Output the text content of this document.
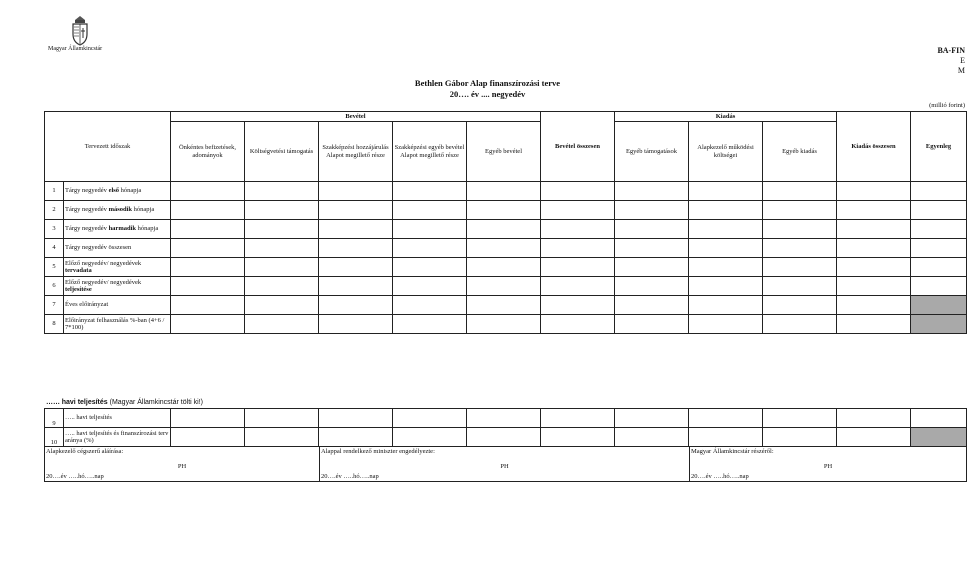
Magyar Államkincstár	BA-FIN
E
M
Bethlen Gábor Alap finanszírozási terve
20…. év .... negyedév
(millió forint)
Tervezett időszak		Bevétel					Bevétel összesen	Kiadás			Kiadás összesen	Egyenleg
		Önkéntes befizetések, adományok	Költségvetési támogatás	Szakképzési hozzájárulás Alapot megillető része	Szakképzési egyéb bevétel Alapot megillető része	Egyéb bevétel		Egyéb támogatások	Alapkezelő működési költségei	Egyéb kiadás		
1	Tárgy negyedév első hónapja											
2	Tárgy negyedév második hónapja											
3	Tárgy negyedév harmadik hónapja											
4	Tárgy negyedév összesen											
5	Előző negyedév/ negyedévek tervadata											
6	Előző negyedév/ negyedévek teljesítése											
7	Éves előirányzat											
8	Előirányzat felhasználás %-ban (4+6 / 7*100)											
…… havi teljesítés (Magyar Államkincstár tölti ki!)
9	….. havi teljesítés											
10	….. havi teljesítés és finanszírozási terv aránya (%)											
Alapkezelő cégszerű aláírása:
PH
20….év …..hó…..nap

Alappal rendelkező miniszter engedélyezte:
PH
20….év …..hó…..nap

Magyar Államkincstár részéről:
PH
20….év …..hó…..nap
